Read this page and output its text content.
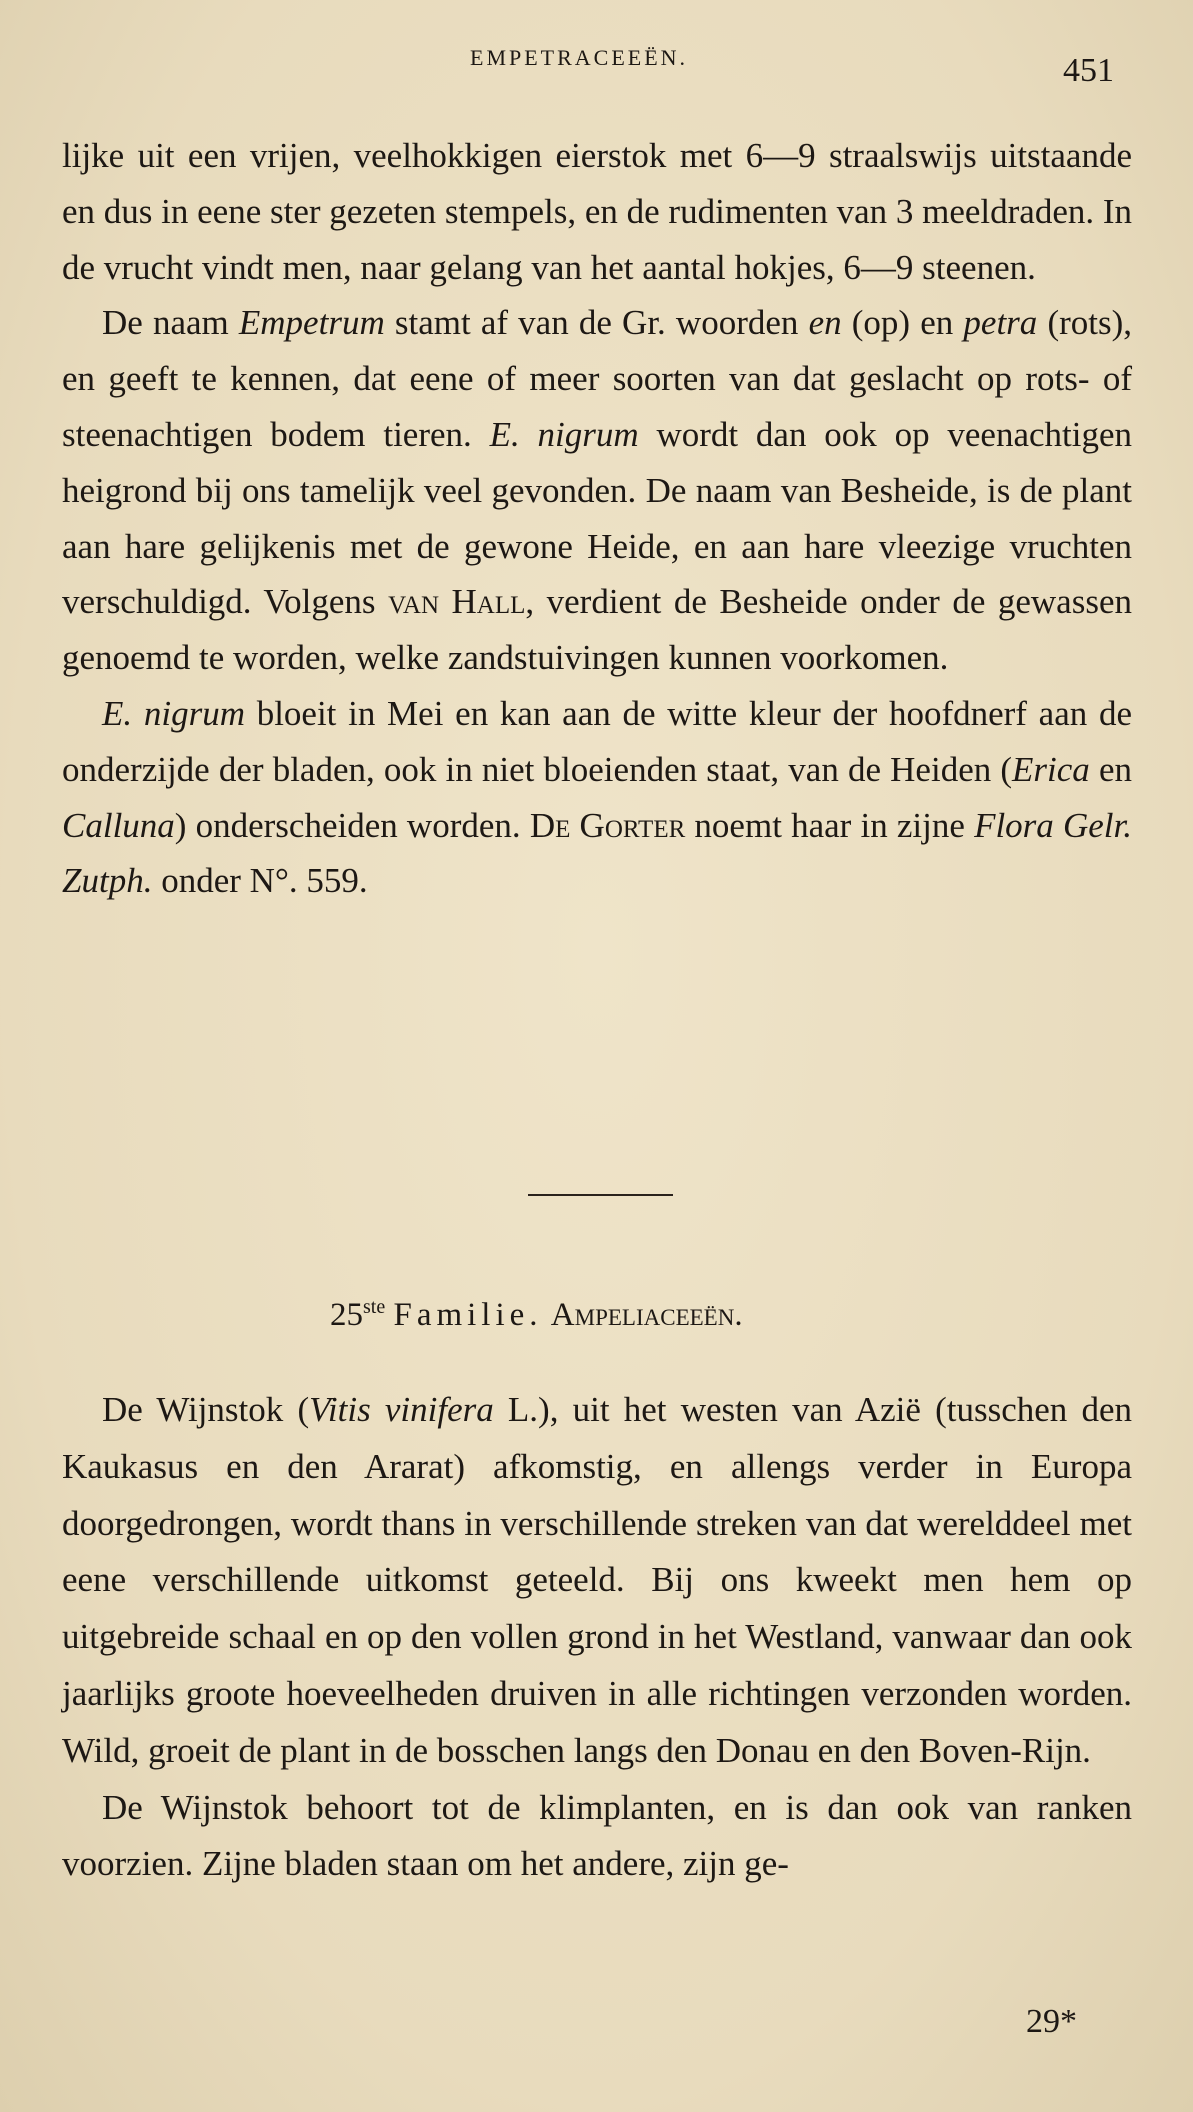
EMPETRACEEËN.	451

lijke uit een vrijen, veelhokkigen eierstok met 6—9 straalswijs uitstaande en dus in eene ster gezeten stempels, en de rudimenten van 3 meeldraden. In de vrucht vindt men, naar gelang van het aantal hokjes, 6—9 steenen.

De naam Empetrum stamt af van de Gr. woorden en (op) en petra (rots), en geeft te kennen, dat eene of meer soorten van dat geslacht op rots- of steenachtigen bodem tieren. E. nigrum wordt dan ook op veenachtigen heigrond bij ons tamelijk veel gevonden. De naam van Besheide, is de plant aan hare gelijkenis met de gewone Heide, en aan hare vleezige vruchten verschuldigd. Volgens van Hall, verdient de Besheide onder de gewassen genoemd te worden, welke zandstuivingen kunnen voorkomen.

E. nigrum bloeit in Mei en kan aan de witte kleur der hoofdnerf aan de onderzijde der bladen, ook in niet bloeienden staat, van de Heiden (Erica en Calluna) onderscheiden worden. De Gorter noemt haar in zijne Flora Gelr. Zutph. onder N°. 559.

25ste Familie. Ampeliaceeën.

De Wijnstok (Vitis vinifera L.), uit het westen van Azië (tusschen den Kaukasus en den Ararat) afkomstig, en allengs verder in Europa doorgedrongen, wordt thans in verschillende streken van dat werelddeel met eene verschillende uitkomst geteeld. Bij ons kweekt men hem op uitgebreide schaal en op den vollen grond in het Westland, vanwaar dan ook jaarlijks groote hoeveelheden druiven in alle richtingen verzonden worden. Wild, groeit de plant in de bosschen langs den Donau en den Boven-Rijn.

De Wijnstok behoort tot de klimplanten, en is dan ook van ranken voorzien. Zijne bladen staan om het andere, zijn ge-

29*
